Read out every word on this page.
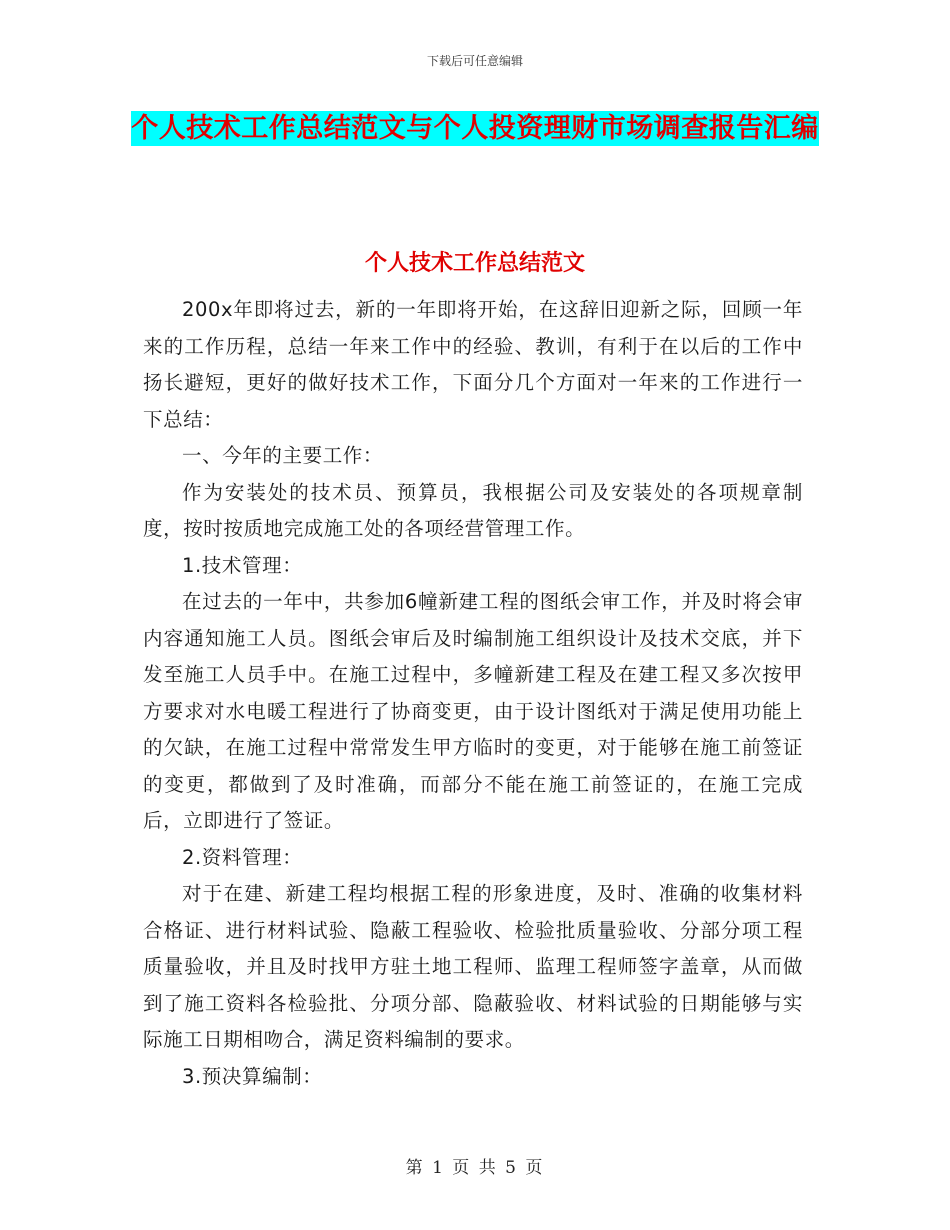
下载后可任意编辑
个人技术工作总结范文与个人投资理财市场调查报告汇编
个人技术工作总结范文

200x年即将过去，新的一年即将开始，在这辞旧迎新之际，回顾一年来的工作历程，总结一年来工作中的经验、教训，有利于在以后的工作中扬长避短，更好的做好技术工作，下面分几个方面对一年来的工作进行一下总结：

一、今年的主要工作：

作为安装处的技术员、预算员，我根据公司及安装处的各项规章制度，按时按质地完成施工处的各项经营管理工作。

1.技术管理：

在过去的一年中，共参加6幢新建工程的图纸会审工作，并及时将会审内容通知施工人员。图纸会审后及时编制施工组织设计及技术交底，并下发至施工人员手中。在施工过程中，多幢新建工程及在建工程又多次按甲方要求对水电暖工程进行了协商变更，由于设计图纸对于满足使用功能上的欠缺，在施工过程中常常发生甲方临时的变更，对于能够在施工前签证的变更，都做到了及时准确，而部分不能在施工前签证的，在施工完成后，立即进行了签证。

2.资料管理：

对于在建、新建工程均根据工程的形象进度，及时、准确的收集材料合格证、进行材料试验、隐蔽工程验收、检验批质量验收、分部分项工程质量验收，并且及时找甲方驻土地工程师、监理工程师签字盖章，从而做到了施工资料各检验批、分项分部、隐蔽验收、材料试验的日期能够与实际施工日期相吻合，满足资料编制的要求。

3.预决算编制：

第 1 页 共 5 页
